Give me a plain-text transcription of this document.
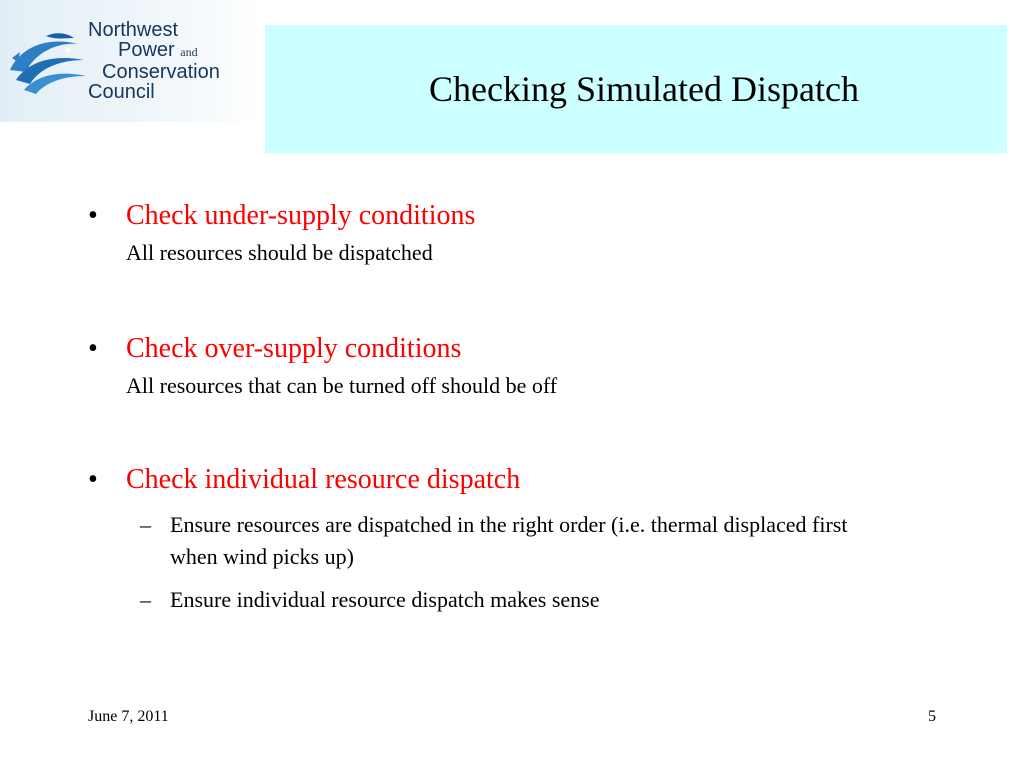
Northwest
Power and
Conservation
Council	Checking Simulated Dispatch
• Check under-supply conditions
All resources should be dispatched
• Check over-supply conditions
All resources that can be turned off should be off
• Check individual resource dispatch
– Ensure resources are dispatched in the right order (i.e. thermal displaced first when wind picks up)
– Ensure individual resource dispatch makes sense
June 7, 2011	5
